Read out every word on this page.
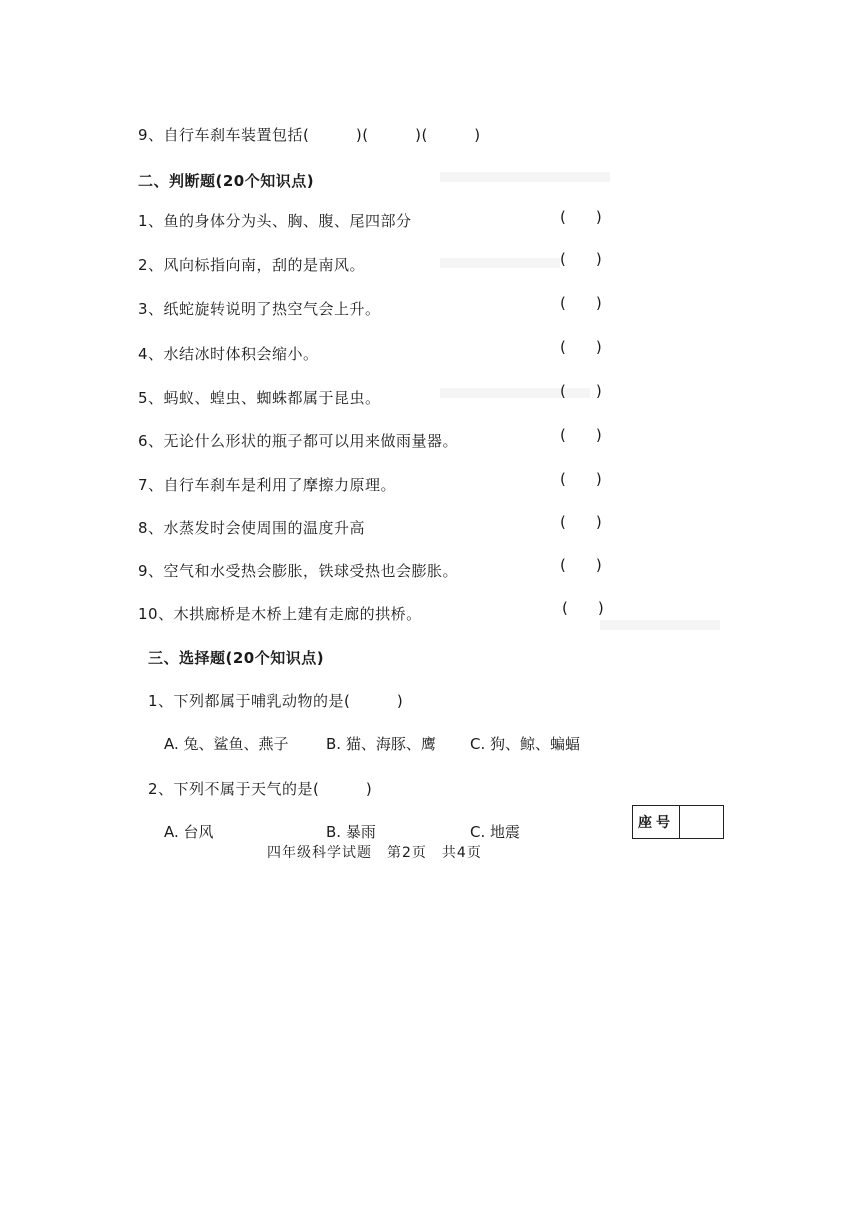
9、自行车刹车装置包括(　　　)(　　　)(　　　)
二、判断题(20个知识点)
1、鱼的身体分为头、胸、腹、尾四部分	(　　)
2、风向标指向南，刮的是南风。	(　　)
3、纸蛇旋转说明了热空气会上升。	(　　)
4、水结冰时体积会缩小。	(　　)
5、蚂蚁、蝗虫、蜘蛛都属于昆虫。	(　　)
6、无论什么形状的瓶子都可以用来做雨量器。	(　　)
7、自行车刹车是利用了摩擦力原理。	(　　)
8、水蒸发时会使周围的温度升高	(　　)
9、空气和水受热会膨胀，铁球受热也会膨胀。	(　　)
10、木拱廊桥是木桥上建有走廊的拱桥。	(　　)
三、选择题(20个知识点)
1、下列都属于哺乳动物的是(　　　)
A. 兔、鲨鱼、燕子 B. 猫、海豚、鹰 C. 狗、鲸、蝙蝠
2、下列不属于天气的是(　　　)
A. 台风	B. 暴雨	C. 地震	座号
四年级科学试题　第2页　共4页
